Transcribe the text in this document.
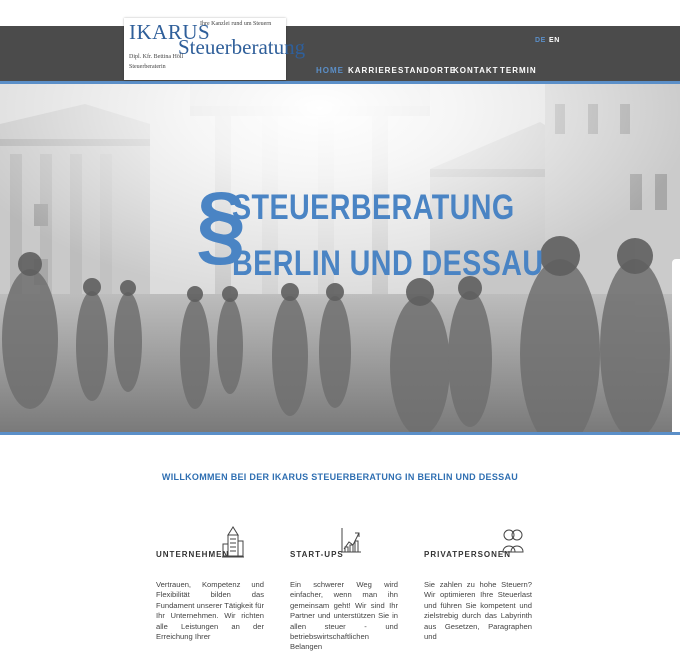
IKARUS
Ihre Kanzlei rund um Steuern
Steuerberatung
Dipl. Kfr. Bettina Höll
Steuerberaterin
DE EN
HOME KARRIERE STANDORTE
KONTAKT TERMIN
§
STEUERBERATUNG
BERLIN UND DESSAU
WILLKOMMEN BEI DER IKARUS STEUERBERATUNG IN BERLIN UND DESSAU
UNTERNEHMEN
Vertrauen, Kompetenz und Flexibilität bilden das Fundament unserer Tätigkeit für Ihr Unternehmen. Wir richten alle Leistungen an der Erreichung Ihrer
START-UPS
Ein schwerer Weg wird einfacher, wenn man ihn gemeinsam geht! Wir sind Ihr Partner und unterstützen Sie in allen steuer - und betriebswirtschaftlichen Belangen
PRIVATPERSONEN
Sie zahlen zu hohe Steuern? Wir optimieren Ihre Steuerlast und führen Sie kompetent und zielstrebig durch das Labyrinth aus Gesetzen, Paragraphen und
